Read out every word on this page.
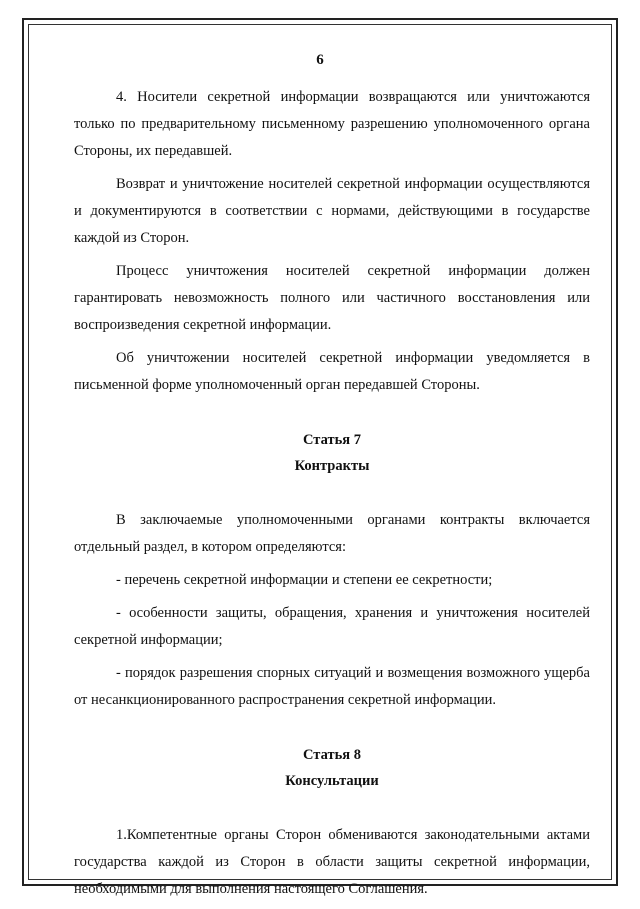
6

4. Носители секретной информации возвращаются или уничтожаются только по предварительному письменному разрешению уполномоченного органа Стороны, их передавшей.

Возврат и уничтожение носителей секретной информации осуществляются и документируются в соответствии с нормами, действующими в государстве каждой из Сторон.

Процесс уничтожения носителей секретной информации должен гарантировать невозможность полного или частичного восстановления или воспроизведения секретной информации.

Об уничтожении носителей секретной информации уведомляется в письменной форме уполномоченный орган передавшей Стороны.

Статья 7

Контракты

В заключаемые уполномоченными органами контракты включается отдельный раздел, в котором определяются:

- перечень секретной информации и степени ее секретности;

- особенности защиты, обращения, хранения и уничтожения носителей секретной информации;

- порядок разрешения спорных ситуаций и возмещения возможного ущерба от несанкционированного распространения секретной информации.

Статья 8

Консультации

1.Компетентные органы Сторон обмениваются законодательными актами государства каждой из Сторон в области защиты секретной информации, необходимыми для выполнения настоящего Соглашения.
